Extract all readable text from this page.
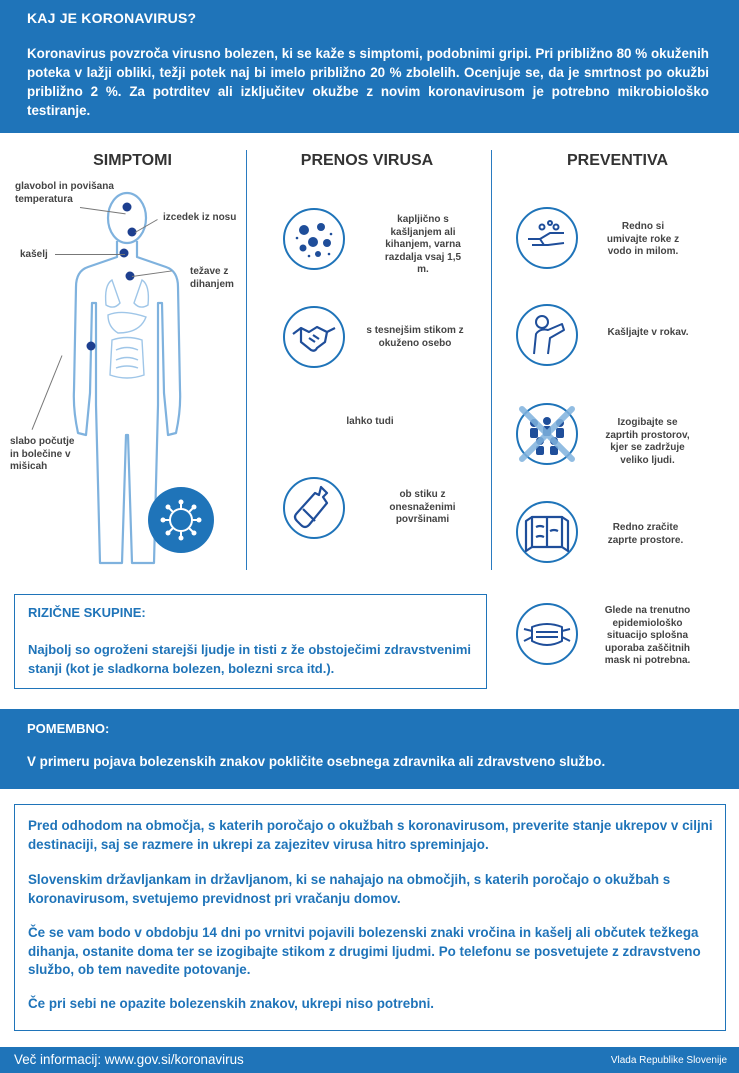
KAJ JE KORONAVIRUS?

Koronavirus povzroča virusno bolezen, ki se kaže s simptomi, podobnimi gripi. Pri približno 80 % okuženih poteka v lažji obliki, težji potek naj bi imelo približno 20 % zbolelih. Ocenjuje se, da je smrtnost po okužbi približno 2 %. Za potrditev ali izključitev okužbe z novim koronavirusom je potrebno mikrobiološko testiranje.

SIMPTOMI	PRENOS VIRUSA	PREVENTIVA
glavobol in povišana temperatura
izcedek iz nosu
kašelj
težave z dihanjem
slabo počutje in bolečine v mišicah
kapljično s kašljanjem ali kihanjem, varna razdalja vsaj 1,5 m.
s tesnejšim stikom z okuženo osebo
lahko tudi
ob stiku z onesnaženimi površinami
Redno si umivajte roke z vodo in milom.
Kašljajte v rokav.
Izogibajte se zaprtih prostorov, kjer se zadržuje veliko ljudi.
Redno zračite zaprte prostore.
Glede na trenutno epidemiološko situacijo splošna uporaba zaščitnih mask ni potrebna.
RIZIČNE SKUPINE:

Najbolj so ogroženi starejši ljudje in tisti z že obstoječimi zdravstvenimi stanji (kot je sladkorna bolezen, bolezni srca itd.).

POMEMBNO:

V primeru pojava bolezenskih znakov pokličite osebnega zdravnika ali zdravstveno službo.

Pred odhodom na območja, s katerih poročajo o okužbah s koronavirusom, preverite stanje ukrepov v ciljni destinaciji, saj se razmere in ukrepi za zajezitev virusa hitro spreminjajo.

Slovenskim državljankam in državljanom, ki se nahajajo na območjih, s katerih poročajo o okužbah s koronavirusom, svetujemo previdnost pri vračanju domov.

Če se vam bodo v obdobju 14 dni po vrnitvi pojavili bolezenski znaki vročina in kašelj ali občutek težkega dihanja, ostanite doma ter se izogibajte stikom z drugimi ljudmi. Po telefonu se posvetujete z zdravstveno službo, ob tem navedite potovanje.

Če pri sebi ne opazite bolezenskih znakov, ukrepi niso potrebni.

Več informacij: www.gov.si/koronavirus	Vlada Republike Slovenije
